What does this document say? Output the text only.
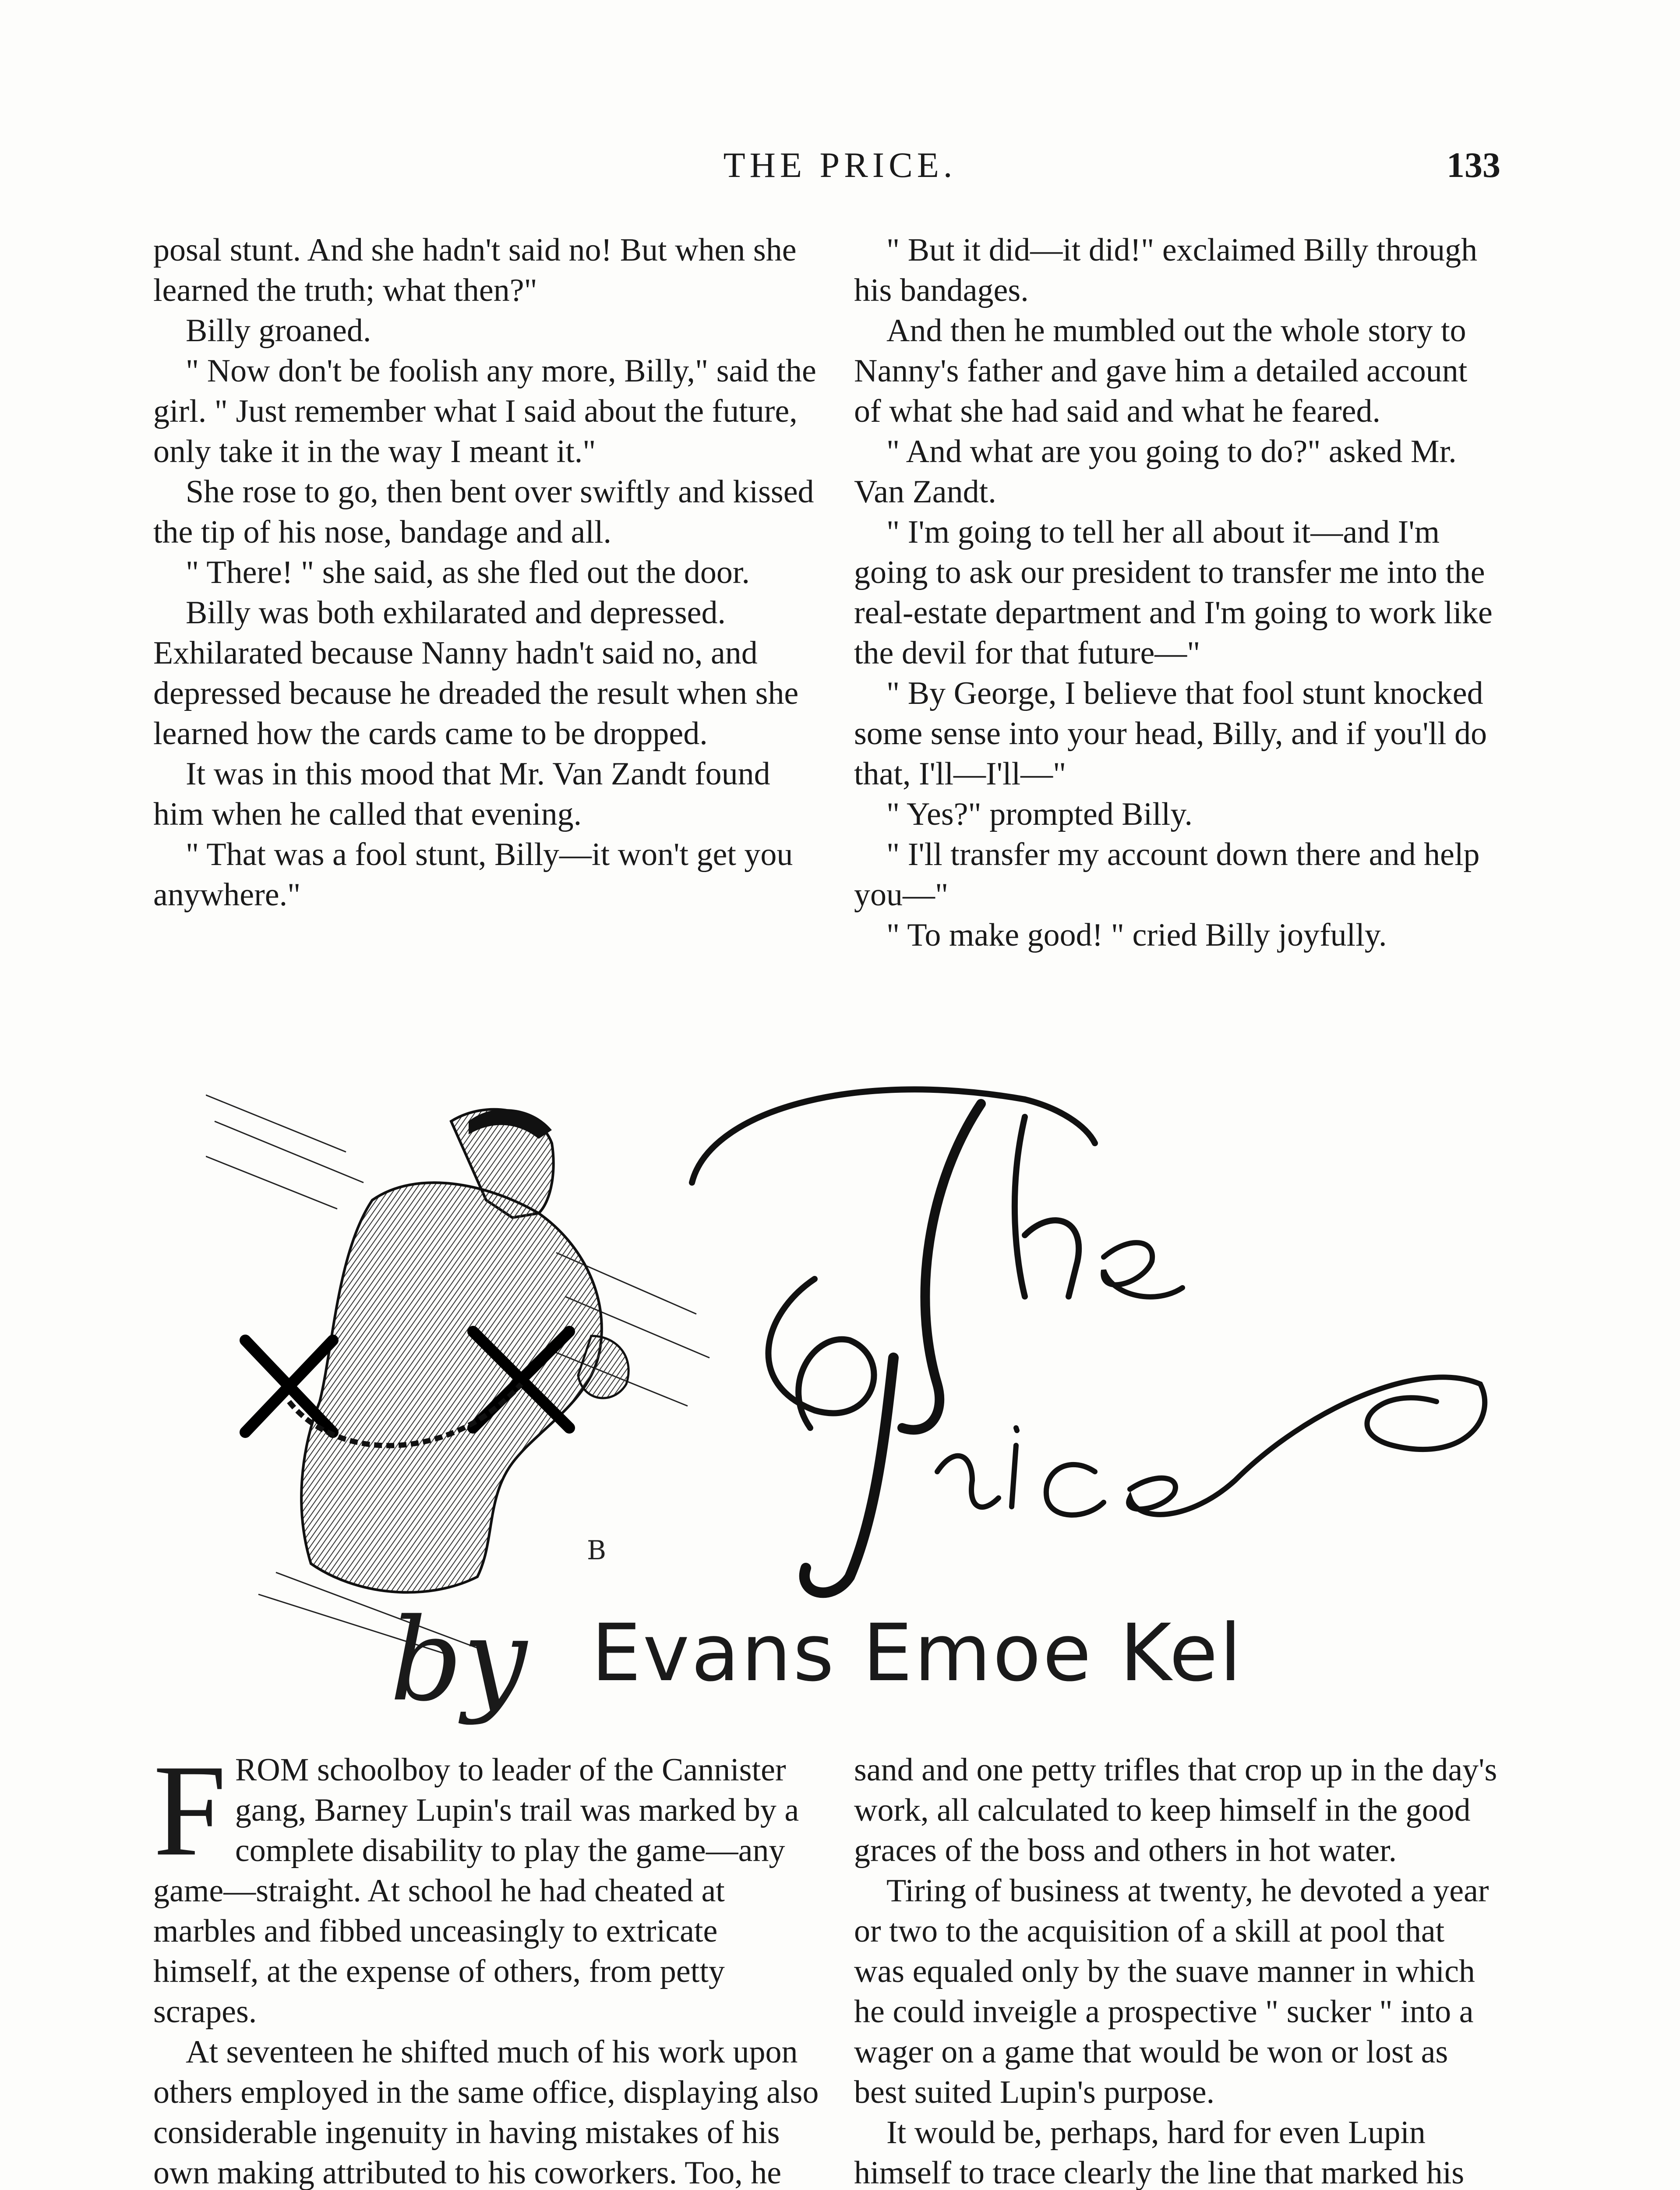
THE PRICE.	133

posal stunt. And she hadn't said no! But when she learned the truth; what then?"

Billy groaned.

" Now don't be foolish any more, Billy," said the girl. " Just remember what I said about the future, only take it in the way I meant it."

She rose to go, then bent over swiftly and kissed the tip of his nose, bandage and all.

" There! " she said, as she fled out the door.

Billy was both exhilarated and depressed. Exhilarated because Nanny hadn't said no, and depressed because he dreaded the result when she learned how the cards came to be dropped.

It was in this mood that Mr. Van Zandt found him when he called that evening.

" That was a fool stunt, Billy—it won't get you anywhere."

" But it did—it did!" exclaimed Billy through his bandages.

And then he mumbled out the whole story to Nanny's father and gave him a detailed account of what she had said and what he feared.

" And what are you going to do?" asked Mr. Van Zandt.

" I'm going to tell her all about it—and I'm going to ask our president to transfer me into the real-estate department and I'm going to work like the devil for that future—"

" By George, I believe that fool stunt knocked some sense into your head, Billy, and if you'll do that, I'll—I'll—"

" Yes?" prompted Billy.

" I'll transfer my account down there and help you—"

" To make good! " cried Billy joyfully.

B
by Evans Emoe Kel

FROM schoolboy to leader of the Cannister gang, Barney Lupin's trail was marked by a complete disability to play the game—any game—straight. At school he had cheated at marbles and fibbed unceasingly to extricate himself, at the expense of others, from petty scrapes.

At seventeen he shifted much of his work upon others employed in the same office, displaying also considerable ingenuity in having mistakes of his own making attributed to his coworkers. Too, he

sand and one petty trifles that crop up in the day's work, all calculated to keep himself in the good graces of the boss and others in hot water.

Tiring of business at twenty, he devoted a year or two to the acquisition of a skill at pool that was equaled only by the suave manner in which he could inveigle a prospective " sucker " into a wager on a game that would be won or lost as best suited Lupin's purpose.

It would be, perhaps, hard for even Lupin himself to trace clearly the line that marked his
